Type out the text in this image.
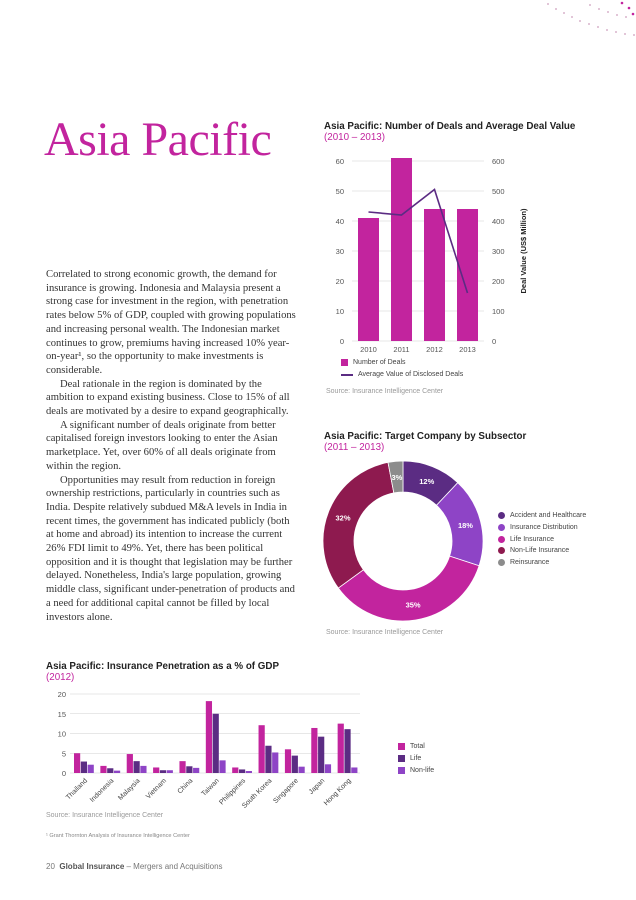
Asia Pacific

Correlated to strong economic growth, the demand for insurance is growing. Indonesia and Malaysia present a strong case for investment in the region, with penetration rates below 5% of GDP, coupled with growing populations and increasing personal wealth. The Indonesian market continues to grow, premiums having increased 10% year-on-year¹, so the opportunity to make investments is considerable.

Deal rationale in the region is dominated by the ambition to expand existing business. Close to 15% of all deals are motivated by a desire to expand geographically.

A significant number of deals originate from better capitalised foreign investors looking to enter the Asian marketplace. Yet, over 60% of all deals originate from within the region.

Opportunities may result from reduction in foreign ownership restrictions, particularly in countries such as India. Despite relatively subdued M&A levels in India in recent times, the government has indicated publicly (both at home and abroad) its intention to increase the current 26% FDI limit to 49%. Yet, there has been political opposition and it is thought that legislation may be further delayed. Nonetheless, India's large population, growing middle class, significant under-penetration of products and a need for additional capital cannot be filled by local investors alone.

Asia Pacific: Number of Deals and Average Deal Value
(2010 – 2013)
0
10
20
30
40
50
60
0
100
200
300
400
500
600
2010 2011 2012 2013
Deal Value (US$ Million)
Number of Deals
Average Value of Disclosed Deals
Source: Insurance Intelligence Center
Asia Pacific: Target Company by Subsector
(2011 – 2013)
12%
18%
35%
32%
3%
Accident and Healthcare
Insurance Distribution
Life Insurance
Non-Life Insurance
Reinsurance
Source: Insurance Intelligence Center
Asia Pacific: Insurance Penetration as a % of GDP
(2012)
0
5
10
15
20
Thailand Indonesia Malaysia Vietnam China Taiwan
Philippines
South Korea
Singapore Japan
Hong Kong
Total
Life
Non-life
Source: Insurance Intelligence Center
¹ Grant Thornton Analysis of Insurance Intelligence Center
20 Global Insurance – Mergers and Acquisitions
